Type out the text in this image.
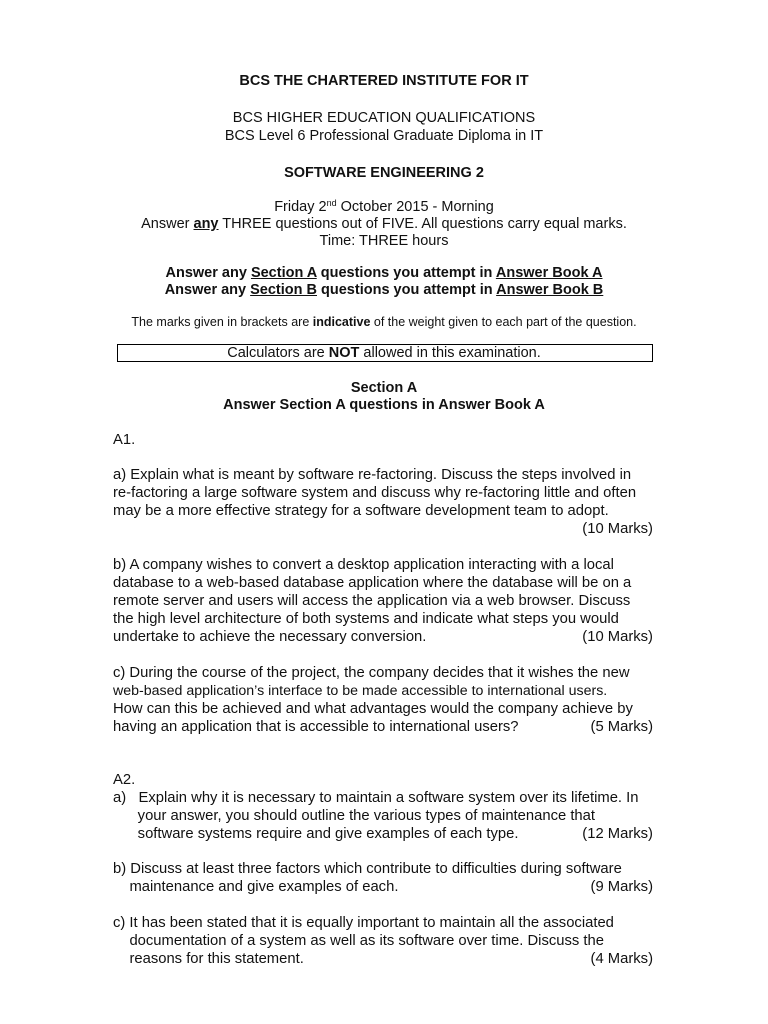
BCS THE CHARTERED INSTITUTE FOR IT
BCS HIGHER EDUCATION QUALIFICATIONS
BCS Level 6 Professional Graduate Diploma in IT
SOFTWARE ENGINEERING 2
Friday 2nd October 2015 - Morning
Answer any THREE questions out of FIVE. All questions carry equal marks.
Time: THREE hours
Answer any Section A questions you attempt in Answer Book A
Answer any Section B questions you attempt in Answer Book B
The marks given in brackets are indicative of the weight given to each part of the question.
Calculators are NOT allowed in this examination.
Section A
Answer Section A questions in Answer Book A
A1.
a) Explain what is meant by software re-factoring. Discuss the steps involved in
re-factoring a large software system and discuss why re-factoring little and often
may be a more effective strategy for a software development team to adopt.
(10 Marks)
b) A company wishes to convert a desktop application interacting with a local
database to a web-based database application where the database will be on a
remote server and users will access the application via a web browser. Discuss
the high level architecture of both systems and indicate what steps you would
undertake to achieve the necessary conversion.	(10 Marks)
c) During the course of the project, the company decides that it wishes the new
web-based application’s interface to be made accessible to international users.
How can this be achieved and what advantages would the company achieve by
having an application that is accessible to international users?	(5 Marks)
A2.
a)   Explain why it is necessary to maintain a software system over its lifetime. In
your answer, you should outline the various types of maintenance that
software systems require and give examples of each type.	(12 Marks)
b) Discuss at least three factors which contribute to difficulties during software
maintenance and give examples of each.	(9 Marks)
c) It has been stated that it is equally important to maintain all the associated
documentation of a system as well as its software over time. Discuss the
reasons for this statement.	(4 Marks)
